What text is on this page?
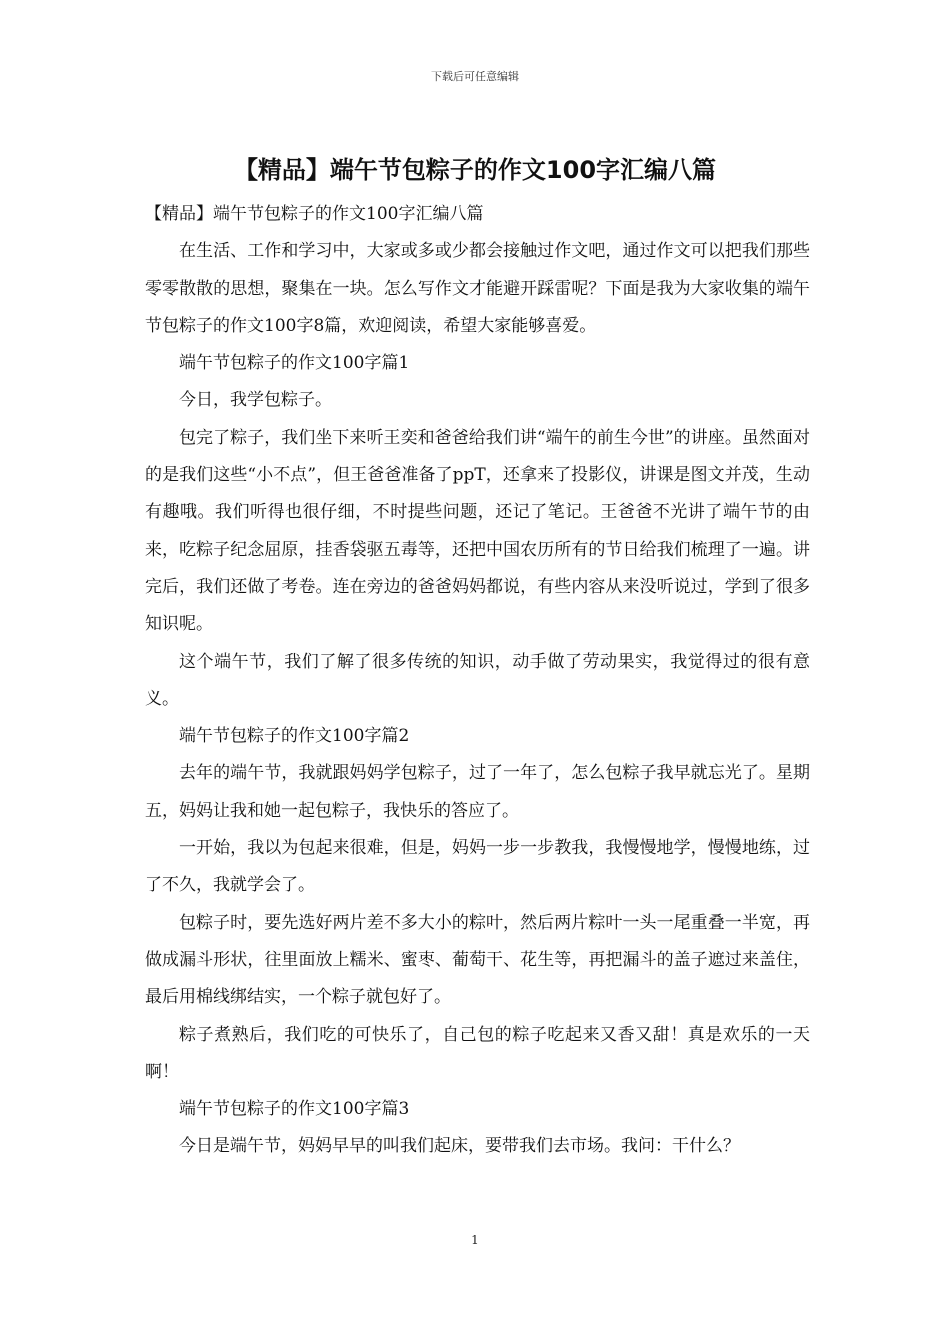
下载后可任意编辑
【精品】端午节包粽子的作文100字汇编八篇

【精品】端午节包粽子的作文100字汇编八篇

在生活、工作和学习中，大家或多或少都会接触过作文吧，通过作文可以把我们那些零零散散的思想，聚集在一块。怎么写作文才能避开踩雷呢？下面是我为大家收集的端午节包粽子的作文100字8篇，欢迎阅读，希望大家能够喜爱。

端午节包粽子的作文100字篇1

今日，我学包粽子。

包完了粽子，我们坐下来听王奕和爸爸给我们讲“端午的前生今世”的讲座。虽然面对的是我们这些“小不点”，但王爸爸准备了ppT，还拿来了投影仪，讲课是图文并茂，生动有趣哦。我们听得也很仔细，不时提些问题，还记了笔记。王爸爸不光讲了端午节的由来，吃粽子纪念屈原，挂香袋驱五毒等，还把中国农历所有的节日给我们梳理了一遍。讲完后，我们还做了考卷。连在旁边的爸爸妈妈都说，有些内容从来没听说过，学到了很多知识呢。

这个端午节，我们了解了很多传统的知识，动手做了劳动果实，我觉得过的很有意义。

端午节包粽子的作文100字篇2

去年的端午节，我就跟妈妈学包粽子，过了一年了，怎么包粽子我早就忘光了。星期五，妈妈让我和她一起包粽子，我快乐的答应了。

一开始，我以为包起来很难，但是，妈妈一步一步教我，我慢慢地学，慢慢地练，过了不久，我就学会了。

包粽子时，要先选好两片差不多大小的粽叶，然后两片粽叶一头一尾重叠一半宽，再做成漏斗形状，往里面放上糯米、蜜枣、葡萄干、花生等，再把漏斗的盖子遮过来盖住，最后用棉线绑结实，一个粽子就包好了。

粽子煮熟后，我们吃的可快乐了，自己包的粽子吃起来又香又甜！真是欢乐的一天啊！

端午节包粽子的作文100字篇3

今日是端午节，妈妈早早的叫我们起床，要带我们去市场。我问：干什么？

1
